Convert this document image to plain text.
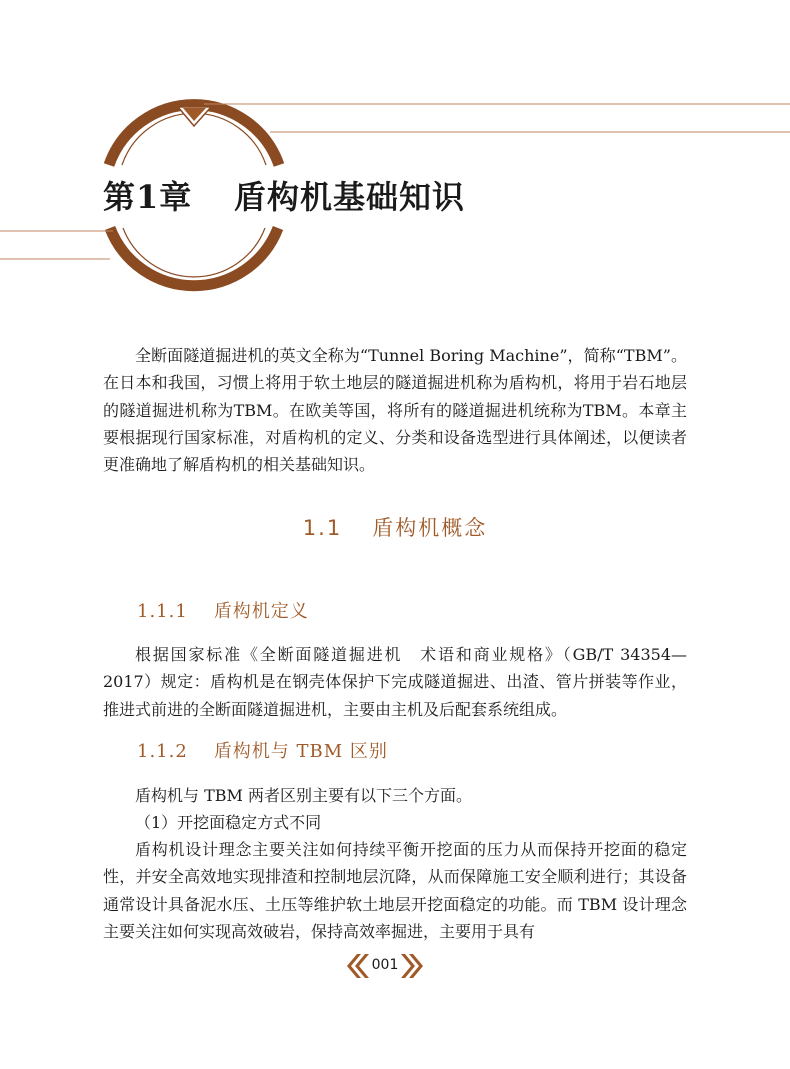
第1章 盾构机基础知识

全断面隧道掘进机的英文全称为“Tunnel Boring Machine”，简称“TBM”。在日本和我国，习惯上将用于软土地层的隧道掘进机称为盾构机，将用于岩石地层的隧道掘进机称为TBM。在欧美等国，将所有的隧道掘进机统称为TBM。本章主要根据现行国家标准，对盾构机的定义、分类和设备选型进行具体阐述，以便读者更准确地了解盾构机的相关基础知识。

1.1 盾构机概念
1.1.1 盾构机定义

根据国家标准《全断面隧道掘进机　术语和商业规格》（GB/T 34354—2017）规定：盾构机是在钢壳体保护下完成隧道掘进、出渣、管片拼装等作业，推进式前进的全断面隧道掘进机，主要由主机及后配套系统组成。

1.1.2 盾构机与 TBM 区别

盾构机与 TBM 两者区别主要有以下三个方面。

（1）开挖面稳定方式不同

盾构机设计理念主要关注如何持续平衡开挖面的压力从而保持开挖面的稳定性，并安全高效地实现排渣和控制地层沉降，从而保障施工安全顺利进行；其设备通常设计具备泥水压、土压等维护软土地层开挖面稳定的功能。而 TBM 设计理念主要关注如何实现高效破岩，保持高效率掘进，主要用于具有

001
